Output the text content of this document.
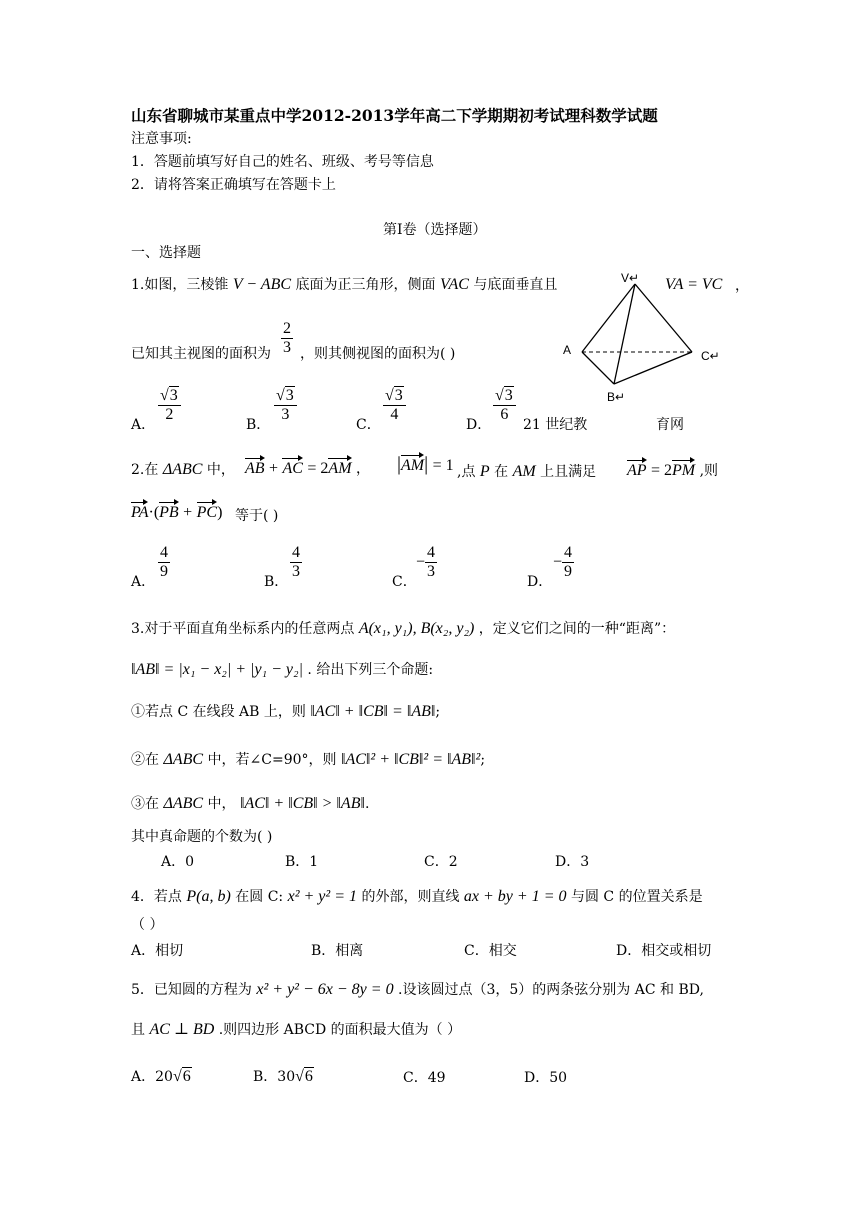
山东省聊城市某重点中学2012-2013学年高二下学期期初考试理科数学试题
注意事项:
1．答题前填写好自己的姓名、班级、考号等信息
2．请将答案正确填写在答题卡上
第I卷（选择题）
一、选择题
1.如图，三棱锥 V − ABC 底面为正三角形，侧面 VAC 与底面垂直且	VA = VC ，
已知其主视图的面积为 $\frac{2}{3}$ ，则其侧视图的面积为( )
V↵
A
B↵
C↵
A．
$\frac{√3}{2}$
B．
$\frac{√3}{3}$
C．
$\frac{√3}{4}$
D．
$\frac{√3}{6}$
21 世纪教	育网
2.在 ΔABC 中， AB + AC = 2AM ， |AM| = 1 ,点 P 在 AM 上且满足 AP = 2PM ,则
PA·(PB + PC) 等于( )
A．
$\frac{4}{9}$
B．
$\frac{4}{3}$
C．
− $\frac{4}{3}$
D．
− $\frac{4}{9}$
3.对于平面直角坐标系内的任意两点 A(x₁, y₁), B(x₂, y₂) ，定义它们之间的一种“距离”：
‖AB‖ = |x₁ − x₂| + |y₁ − y₂| . 给出下列三个命题:
①若点 C 在线段 AB 上，则 ‖AC‖ + ‖CB‖ = ‖AB‖;
②在 ΔABC 中，若∠C=90°，则 ‖AC‖² + ‖CB‖² = ‖AB‖²;
③在 ΔABC 中， ‖AC‖ + ‖CB‖ > ‖AB‖.
其中真命题的个数为( )
A．0	B．1	C．2	D．3
4．若点 P(a, b) 在圆 C: x² + y² = 1 的外部，则直线 ax + by + 1 = 0 与圆 C 的位置关系是
（ ）
A．相切	B．相离	C．相交	D．相交或相切
5．已知圆的方程为 x² + y² − 6x − 8y = 0 .设该圆过点（3，5）的两条弦分别为 AC 和 BD,
且 AC ⊥ BD .则四边形 ABCD 的面积最大值为（ ）
A．20√6	B．30√6	C．49	D．50
